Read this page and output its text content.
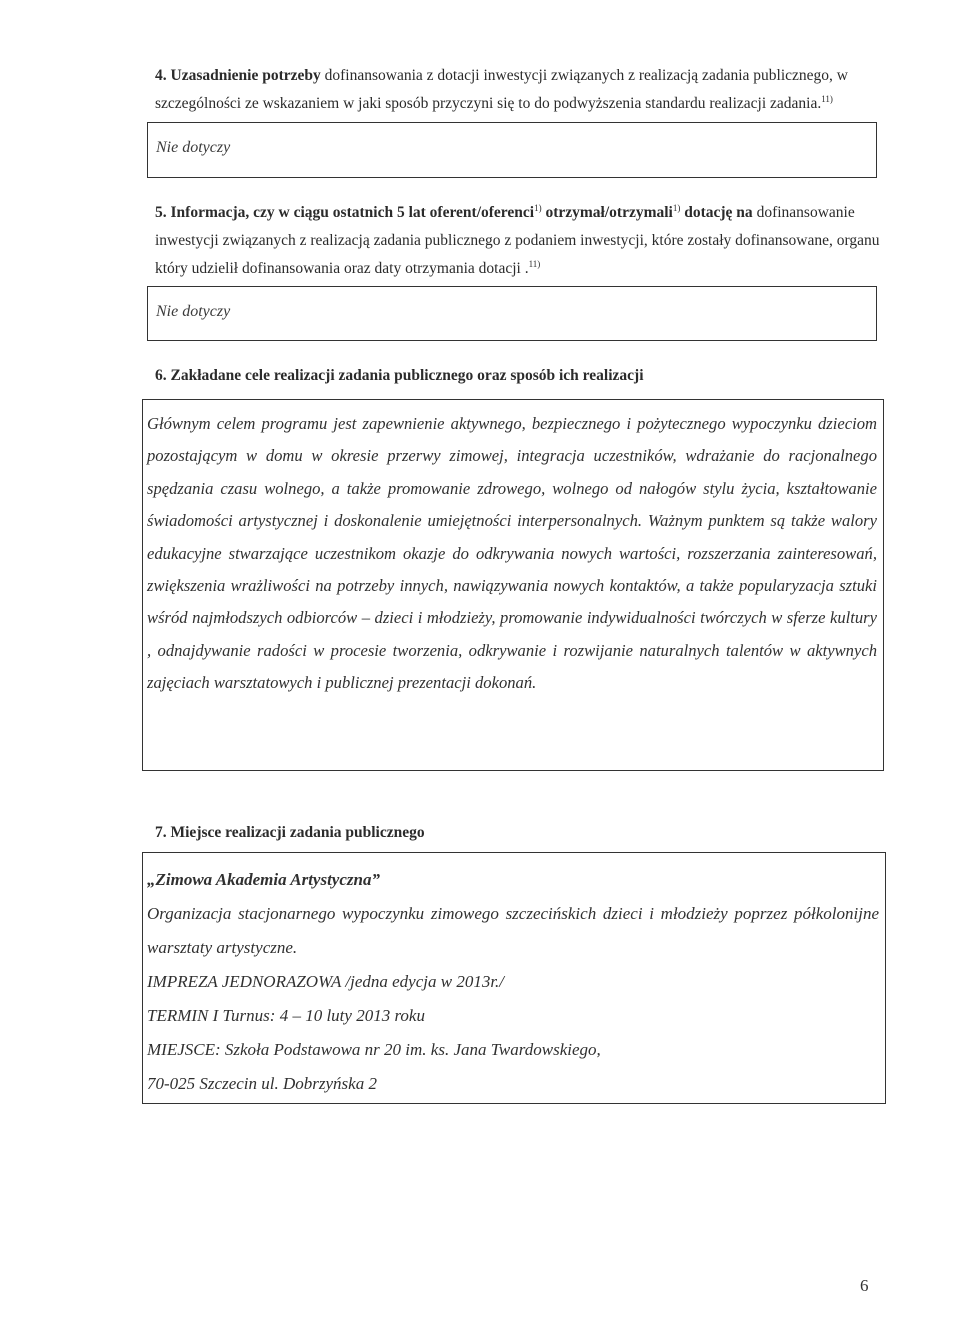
4. Uzasadnienie potrzeby dofinansowania z dotacji inwestycji związanych z realizacją zadania publicznego, w szczególności ze wskazaniem w jaki sposób przyczyni się to do podwyższenia standardu realizacji zadania.$^{11)}$

Nie dotyczy

5. Informacja, czy w ciągu ostatnich 5 lat oferent/oferenci$^{1)}$ otrzymał/otrzymali$^{1)}$ dotację na dofinansowanie inwestycji związanych z realizacją zadania publicznego z podaniem inwestycji, które zostały dofinansowane, organu który udzielił dofinansowania oraz daty otrzymania dotacji .$^{11)}$

Nie dotyczy

6. Zakładane cele realizacji zadania publicznego oraz sposób ich realizacji

Głównym celem programu jest zapewnienie aktywnego, bezpiecznego i pożytecznego wypoczynku dzieciom pozostającym w domu w okresie przerwy zimowej, integracja uczestników, wdrażanie do racjonalnego spędzania czasu wolnego, a także promowanie zdrowego, wolnego od nałogów stylu życia, kształtowanie świadomości artystycznej i doskonalenie umiejętności interpersonalnych. Ważnym punktem są także walory edukacyjne stwarzające uczestnikom okazje do odkrywania nowych wartości, rozszerzania zainteresowań, zwiększenia wrażliwości na potrzeby innych, nawiązywania nowych kontaktów, a także popularyzacja sztuki wśród najmłodszych odbiorców – dzieci i młodzieży, promowanie indywidualności twórczych w sferze kultury , odnajdywanie radości w procesie tworzenia, odkrywanie i rozwijanie naturalnych talentów w aktywnych zajęciach warsztatowych i publicznej prezentacji dokonań.

7. Miejsce realizacji zadania publicznego

„Zimowa Akademia Artystyczna”
Organizacja stacjonarnego wypoczynku zimowego szczecińskich dzieci i młodzieży poprzez półkolonijne warsztaty artystyczne.
IMPREZA JEDNORAZOWA /jedna edycja w 2013r./
TERMIN I Turnus: 4 – 10 luty 2013 roku
MIEJSCE: Szkoła Podstawowa nr 20 im. ks. Jana Twardowskiego,
70-025 Szczecin ul. Dobrzyńska 2
6
